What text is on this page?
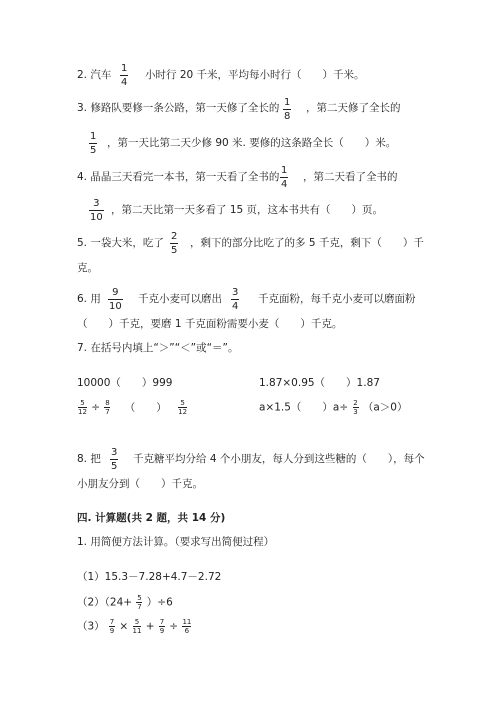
2. 汽车
1
4
小时行 20 千米，平均每小时行（　　）千米。
3. 修路队要修一条公路，第一天修了全长的 1
8
，第二天修了全长的
1
5
，第一天比第二天少修 90 米. 要修的这条路全长（　　）米。
4. 晶晶三天看完一本书，第一天看了全书的
1
4
，第二天看了全书的
3
10
，第二天比第一天多看了 15 页，这本书共有（　　）页。
5. 一袋大米，吃了
2
5
，剩下的部分比吃了的多 5 千克，剩下（　　）千
克。
6. 用
9
10
千克小麦可以磨出
3
4
千克面粉，每千克小麦可以磨面粉
（　　）千克，要磨 1 千克面粉需要小麦（　　）千克。
7. 在括号内填上“＞”“＜”或“＝”。
10000（　　）999	1.87×0.95（　　）1.87
$\frac{5}{12} \div \frac{8}{7}$ （　　） $\frac{5}{12}$	a×1.5（　　）$a\div \frac{2}{3} (a>0)$
8. 把
3
5
千克糖平均分给 4 个小朋友，每人分到这些糖的（　　），每个
小朋友分到（　　）千克。
四. 计算题(共 2 题，共 14 分)
1. 用简便方法计算。（要求写出简便过程）
（1）15.3－7.28+4.7－2.72
$(2)(24+ \frac{5}{7} )\div 6$
$(3) \frac{7}{9} \times \frac{5}{11} + \frac{7}{9} \div \frac{11}{6}$
